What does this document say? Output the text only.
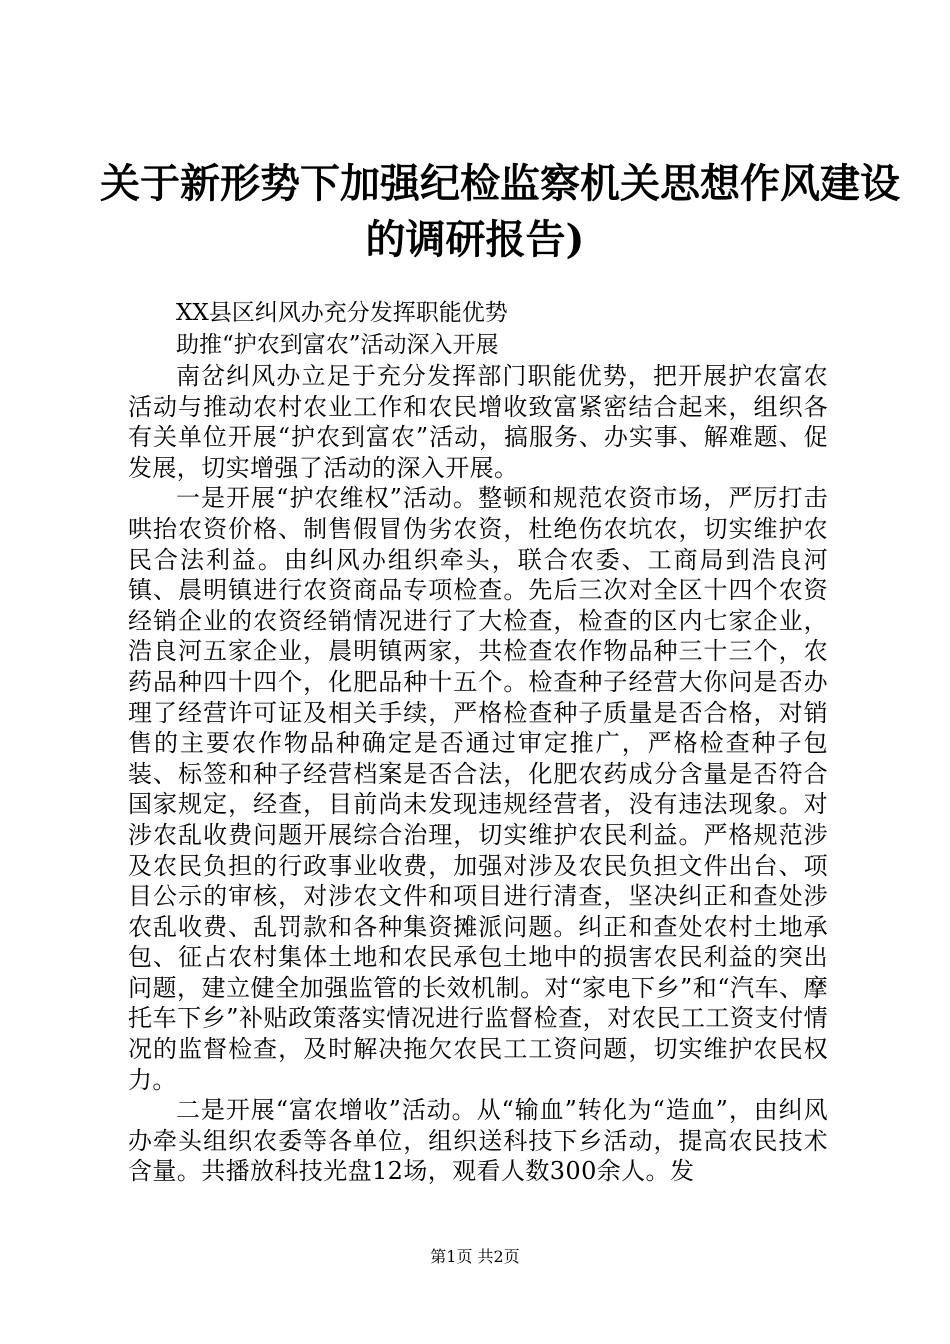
关于新形势下加强纪检监察机关思想作风建设
的调研报告)
XX县区纠风办充分发挥职能优势
助推“护农到富农”活动深入开展

南岔纠风办立足于充分发挥部门职能优势，把开展护农富农活动与推动农村农业工作和农民增收致富紧密结合起来，组织各有关单位开展“护农到富农”活动，搞服务、办实事、解难题、促发展，切实增强了活动的深入开展。

一是开展“护农维权”活动。整顿和规范农资市场，严厉打击哄抬农资价格、制售假冒伪劣农资，杜绝伤农坑农，切实维护农民合法利益。由纠风办组织牵头，联合农委、工商局到浩良河镇、晨明镇进行农资商品专项检查。先后三次对全区十四个农资经销企业的农资经销情况进行了大检查，检查的区内七家企业，浩良河五家企业，晨明镇两家，共检查农作物品种三十三个，农药品种四十四个，化肥品种十五个。检查种子经营大你问是否办理了经营许可证及相关手续，严格检查种子质量是否合格，对销售的主要农作物品种确定是否通过审定推广，严格检查种子包装、标签和种子经营档案是否合法，化肥农药成分含量是否符合国家规定，经查，目前尚未发现违规经营者，没有违法现象。对涉农乱收费问题开展综合治理，切实维护农民利益。严格规范涉及农民负担的行政事业收费，加强对涉及农民负担文件出台、项目公示的审核，对涉农文件和项目进行清查，坚决纠正和查处涉农乱收费、乱罚款和各种集资摊派问题。纠正和查处农村土地承包、征占农村集体土地和农民承包土地中的损害农民利益的突出问题，建立健全加强监管的长效机制。对“家电下乡”和“汽车、摩托车下乡”补贴政策落实情况进行监督检查，对农民工工资支付情况的监督检查，及时解决拖欠农民工工资问题，切实维护农民权力。

二是开展“富农增收”活动。从“输血”转化为“造血”，由纠风办牵头组织农委等各单位，组织送科技下乡活动，提高农民技术含量。共播放科技光盘12场，观看人数300余人。发

第1页 共2页
